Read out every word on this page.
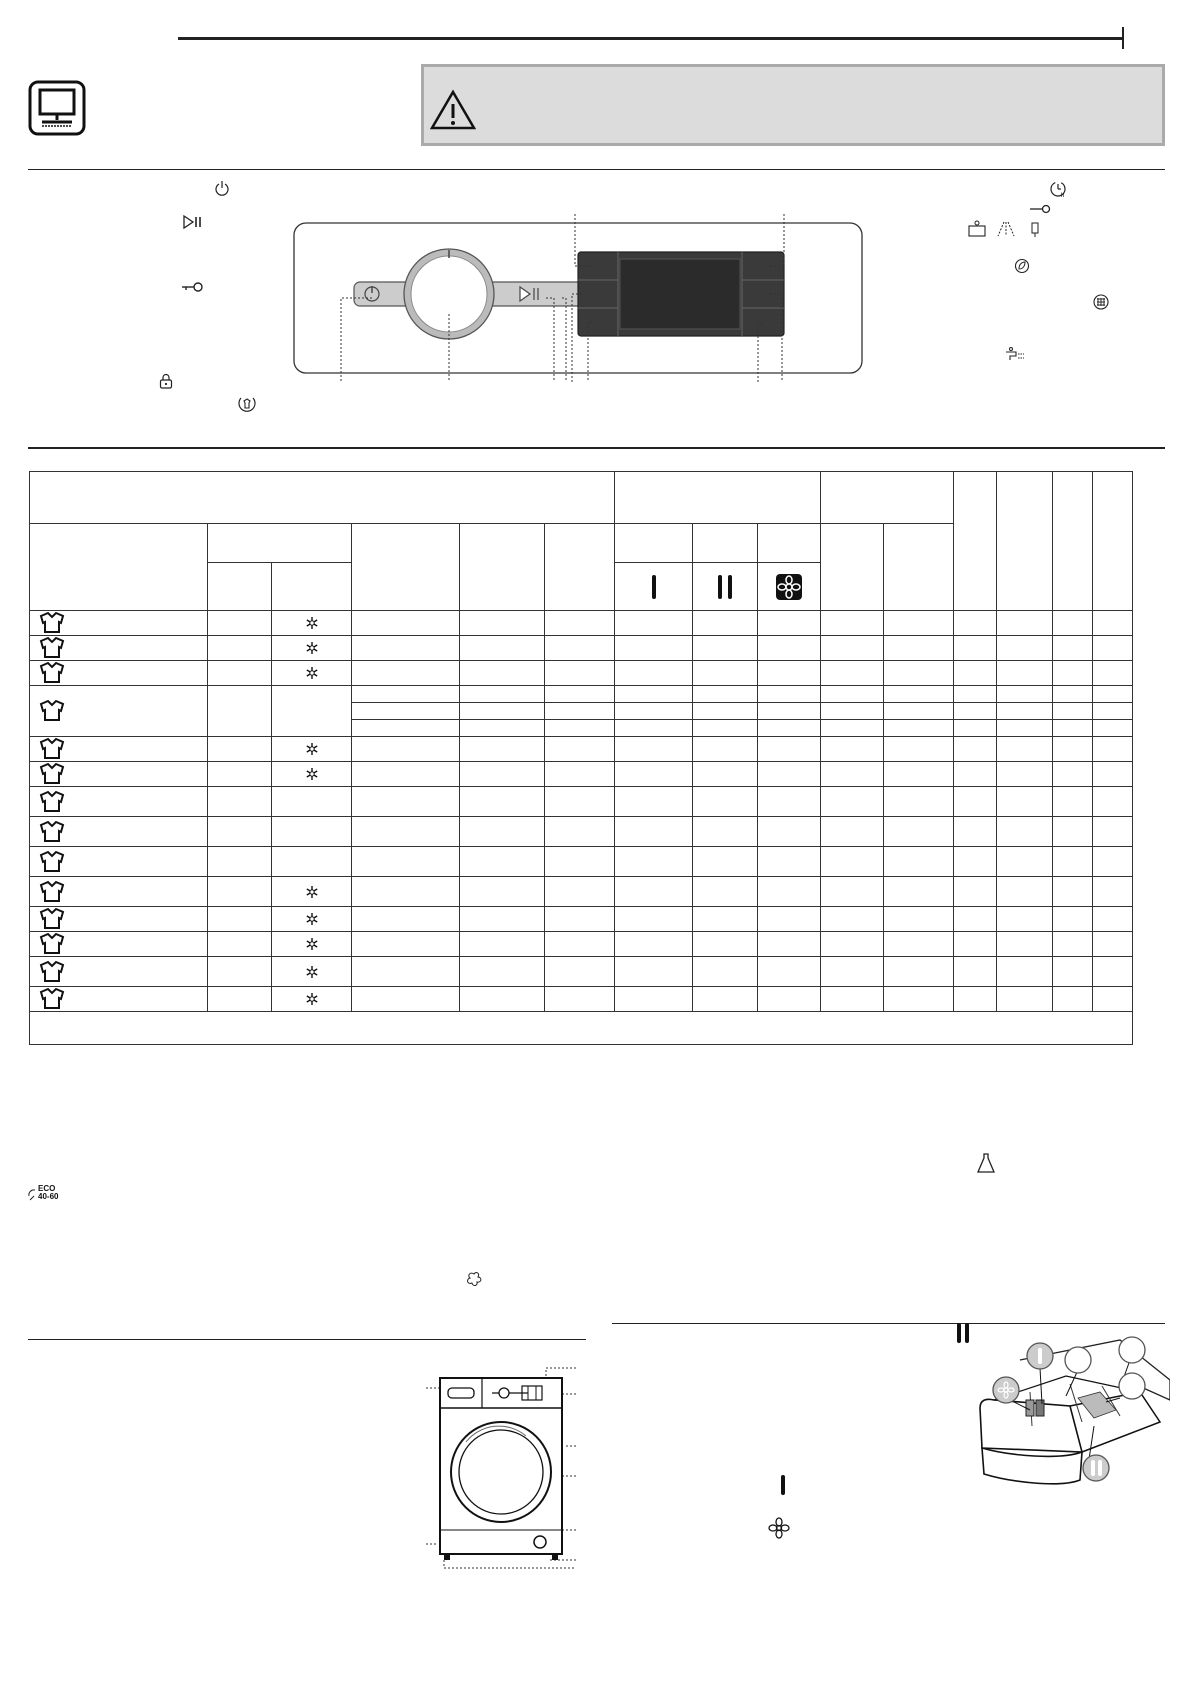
h

ECO
40-60
